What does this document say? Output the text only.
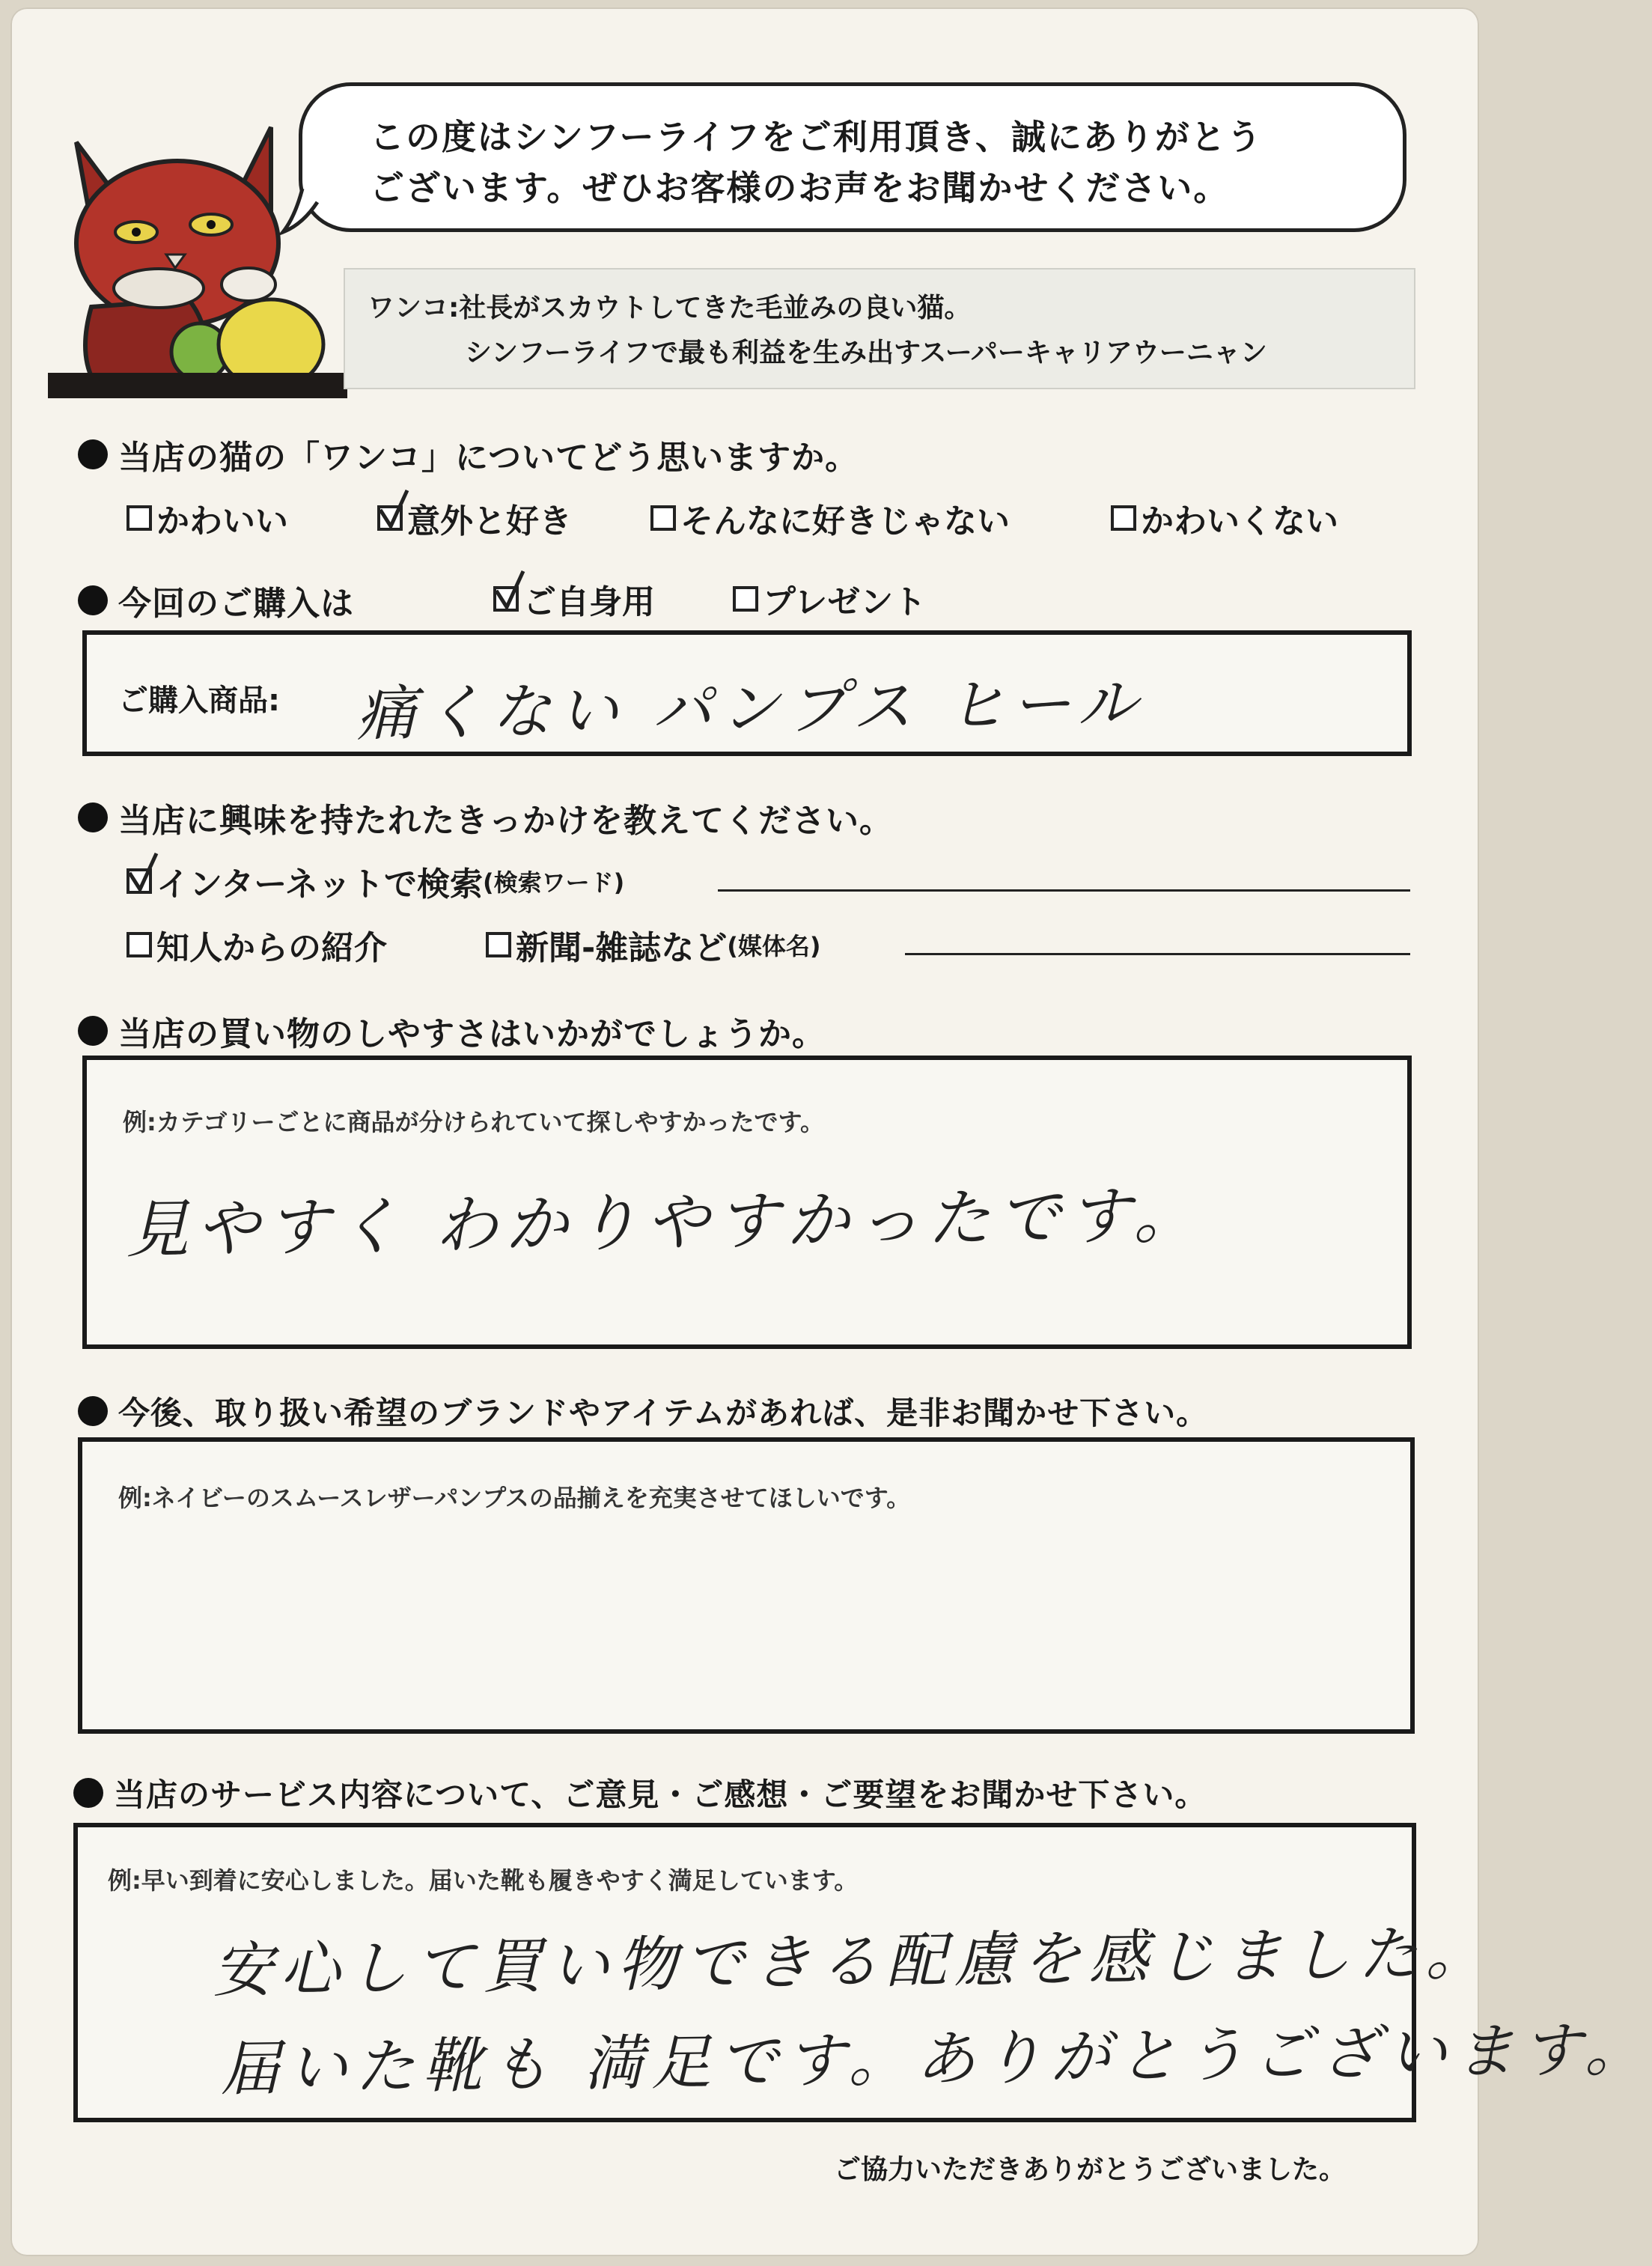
この度はシンフーライフをご利用頂き、誠にありがとう
ございます。ぜひお客様のお声をお聞かせください。
ワンコ:社長がスカウトしてきた毛並みの良い猫。
シンフーライフで最も利益を生み出すスーパーキャリアウーニャン
当店の猫の「ワンコ」についてどう思いますか。
かわいい	意外と好き	そんなに好きじゃない	かわいくない
今回のご購入は	ご自身用	プレゼント
ご購入商品: 痛くない パンプス ヒール
当店に興味を持たれたきっかけを教えてください。
インターネットで検索 (検索ワード)
知人からの紹介	新聞-雑誌など (媒体名)
当店の買い物のしやすさはいかがでしょうか。
例:カテゴリーごとに商品が分けられていて探しやすかったです。
見やすく わかりやすかったです。
今後、取り扱い希望のブランドやアイテムがあれば、是非お聞かせ下さい。
例:ネイビーのスムースレザーパンプスの品揃えを充実させてほしいです。
当店のサービス内容について、ご意見・ご感想・ご要望をお聞かせ下さい。
例:早い到着に安心しました。届いた靴も履きやすく満足しています。
安心して買い物できる配慮を感じました。
届いた靴も 満足です。ありがとうございます。
ご協力いただきありがとうございました。
